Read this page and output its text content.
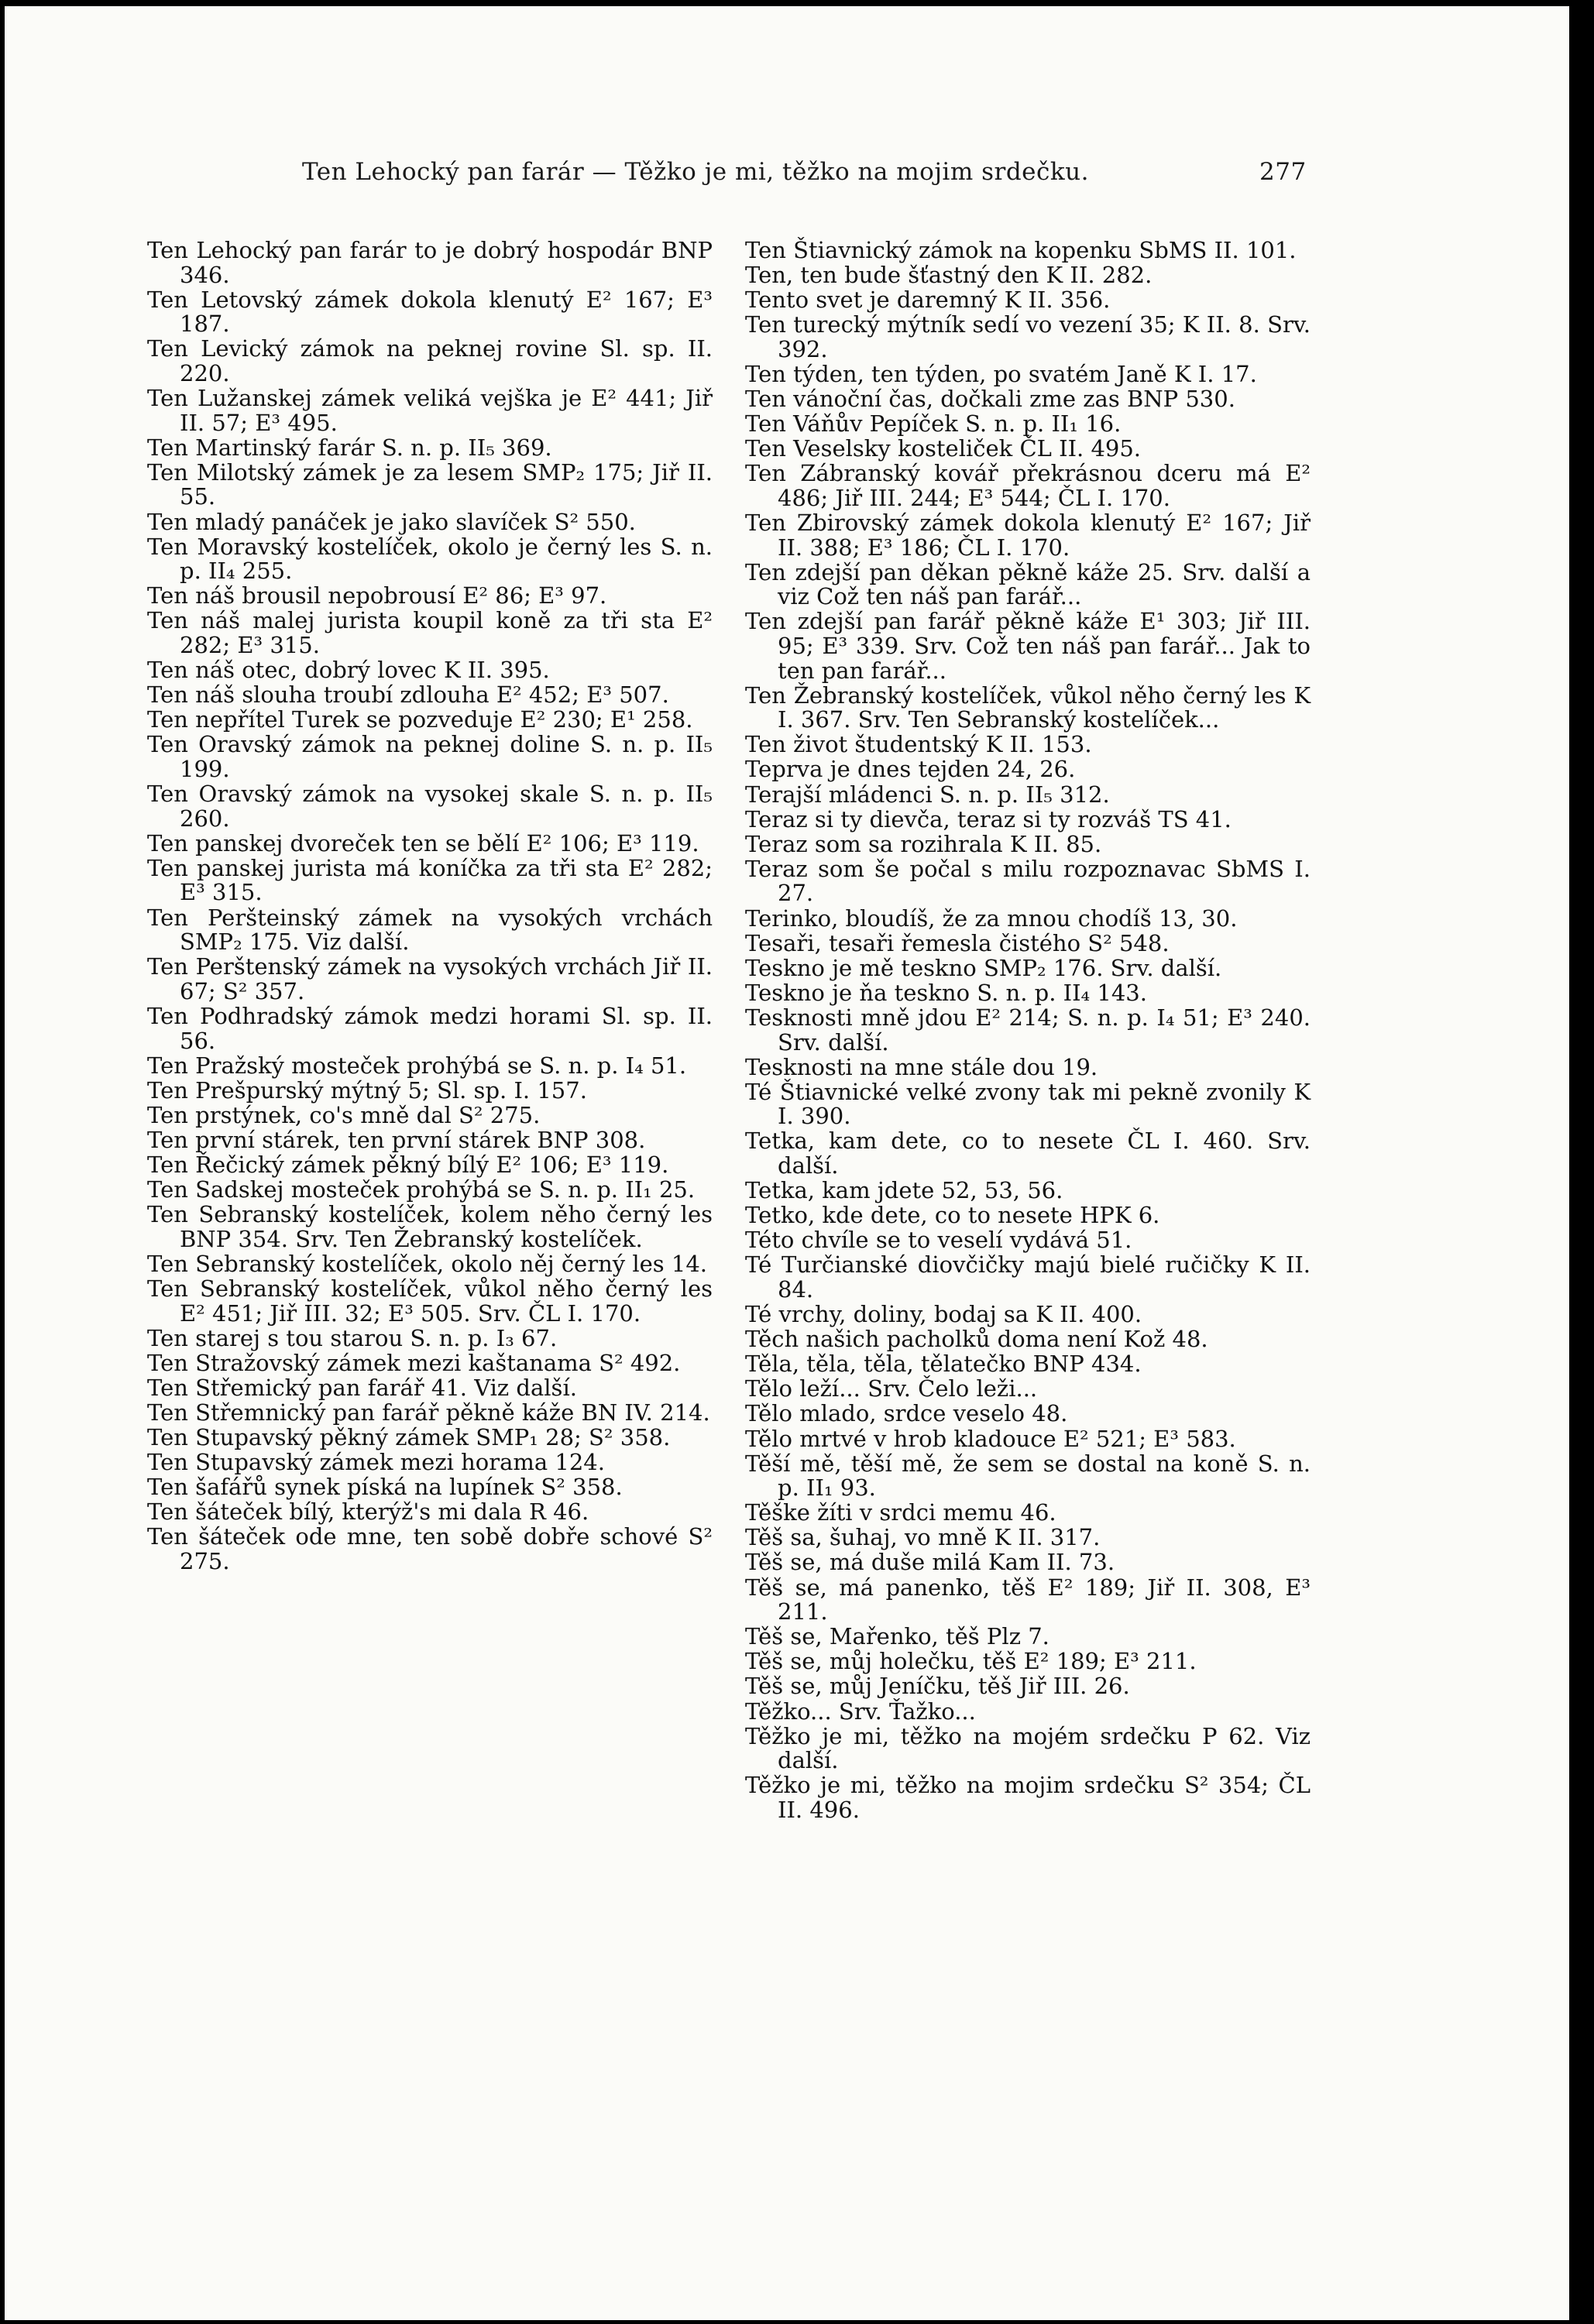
Ten Lehocký pan farár — Těžko je mi, těžko na mojim srdečku.	277

Ten Lehocký pan farár to je dobrý hospodár BNP 346.

Ten Letovský zámek dokola klenutý E² 167; E³ 187.

Ten Levický zámok na peknej rovine Sl. sp. II. 220.

Ten Lužanskej zámek veliká vejška je E² 441; Jiř II. 57; E³ 495.

Ten Martinský farár S. n. p. II₅ 369.

Ten Milotský zámek je za lesem SMP₂ 175; Jiř II. 55.

Ten mladý panáček je jako slavíček S² 550.

Ten Moravský kostelíček, okolo je černý les S. n. p. II₄ 255.

Ten náš brousil nepobrousí E² 86; E³ 97.

Ten náš malej jurista koupil koně za tři sta E² 282; E³ 315.

Ten náš otec, dobrý lovec K II. 395.

Ten náš slouha troubí zdlouha E² 452; E³ 507.

Ten nepřítel Turek se pozveduje E² 230; E¹ 258.

Ten Oravský zámok na peknej doline S. n. p. II₅ 199.

Ten Oravský zámok na vysokej skale S. n. p. II₅ 260.

Ten panskej dvoreček ten se bělí E² 106; E³ 119.

Ten panskej jurista má koníčka za tři sta E² 282; E³ 315.

Ten Peršteinský zámek na vysokých vrchách SMP₂ 175. Viz další.

Ten Perštenský zámek na vysokých vrchách Jiř II. 67; S² 357.

Ten Podhradský zámok medzi horami Sl. sp. II. 56.

Ten Pražský mosteček prohýbá se S. n. p. I₄ 51.

Ten Prešpurský mýtný 5; Sl. sp. I. 157.

Ten prstýnek, co's mně dal S² 275.

Ten první stárek, ten první stárek BNP 308.

Ten Řečický zámek pěkný bílý E² 106; E³ 119.

Ten Sadskej mosteček prohýbá se S. n. p. II₁ 25.

Ten Sebranský kostelíček, kolem něho černý les BNP 354. Srv. Ten Žebranský kostelíček.

Ten Sebranský kostelíček, okolo něj černý les 14.

Ten Sebranský kostelíček, vůkol něho černý les E² 451; Jiř III. 32; E³ 505. Srv. ČL I. 170.

Ten starej s tou starou S. n. p. I₃ 67.

Ten Stražovský zámek mezi kaštanama S² 492.

Ten Střemický pan farář 41. Viz další.

Ten Střemnický pan farář pěkně káže BN IV. 214.

Ten Stupavský pěkný zámek SMP₁ 28; S² 358.

Ten Stupavský zámek mezi horama 124.

Ten šafářů synek píská na lupínek S² 358.

Ten šáteček bílý, kterýž's mi dala R 46.

Ten šáteček ode mne, ten sobě dobře schové S² 275.

Ten Štiavnický zámok na kopenku SbMS II. 101.

Ten, ten bude šťastný den K II. 282.

Tento svet je daremný K II. 356.

Ten turecký mýtník sedí vo vezení 35; K II. 8. Srv. 392.

Ten týden, ten týden, po svatém Janě K I. 17.

Ten vánoční čas, dočkali zme zas BNP 530.

Ten Váňův Pepíček S. n. p. II₁ 16.

Ten Veselsky kosteliček ČL II. 495.

Ten Zábranský kovář překrásnou dceru má E² 486; Jiř III. 244; E³ 544; ČL I. 170.

Ten Zbirovský zámek dokola klenutý E² 167; Jiř II. 388; E³ 186; ČL I. 170.

Ten zdejší pan děkan pěkně káže 25. Srv. další a viz Což ten náš pan farář...

Ten zdejší pan farář pěkně káže E¹ 303; Jiř III. 95; E³ 339. Srv. Což ten náš pan farář... Jak to ten pan farář...

Ten Žebranský kostelíček, vůkol něho černý les K I. 367. Srv. Ten Sebranský kostelíček...

Ten život študentský K II. 153.

Teprva je dnes tejden 24, 26.

Terajší mládenci S. n. p. II₅ 312.

Teraz si ty dievča, teraz si ty rozváš TS 41.

Teraz som sa rozihrala K II. 85.

Teraz som še počal s milu rozpoznavac SbMS I. 27.

Terinko, bloudíš, že za mnou chodíš 13, 30.

Tesaři, tesaři řemesla čistého S² 548.

Teskno je mě teskno SMP₂ 176. Srv. další.

Teskno je ňa teskno S. n. p. II₄ 143.

Tesknosti mně jdou E² 214; S. n. p. I₄ 51; E³ 240. Srv. další.

Tesknosti na mne stále dou 19.

Té Štiavnické velké zvony tak mi pekně zvonily K I. 390.

Tetka, kam dete, co to nesete ČL I. 460. Srv. další.

Tetka, kam jdete 52, 53, 56.

Tetko, kde dete, co to nesete HPK 6.

Této chvíle se to veselí vydává 51.

Té Turčianské diovčičky majú bielé ručičky K II. 84.

Té vrchy, doliny, bodaj sa K II. 400.

Těch našich pacholků doma není Kož 48.

Těla, těla, těla, tělatečko BNP 434.

Tělo leží... Srv. Čelo leži...

Tělo mlado, srdce veselo 48.

Tělo mrtvé v hrob kladouce E² 521; E³ 583.

Těší mě, těší mě, že sem se dostal na koně S. n. p. II₁ 93.

Těške žíti v srdci memu 46.

Těš sa, šuhaj, vo mně K II. 317.

Těš se, má duše milá Kam II. 73.

Těš se, má panenko, těš E² 189; Jiř II. 308, E³ 211.

Těš se, Mařenko, těš Plz 7.

Těš se, můj holečku, těš E² 189; E³ 211.

Těš se, můj Jeníčku, těš Jiř III. 26.

Těžko... Srv. Ťažko...

Těžko je mi, těžko na mojém srdečku P 62. Viz další.

Těžko je mi, těžko na mojim srdečku S² 354; ČL II. 496.
